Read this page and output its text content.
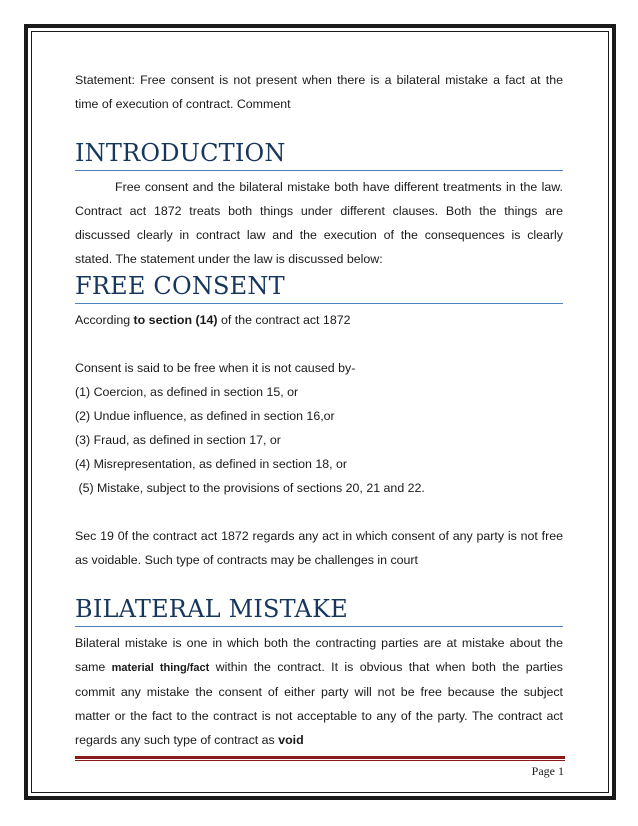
Statement: Free consent is not present when there is a bilateral mistake a fact at the time of execution of contract. Comment

INTRODUCTION

Free consent and the bilateral mistake both have different treatments in the law. Contract act 1872 treats both things under different clauses. Both the things are discussed clearly in contract law and the execution of the consequences is clearly stated. The statement under the law is discussed below:

FREE CONSENT

According to section (14) of the contract act 1872

Consent is said to be free when it is not caused by-

(1) Coercion, as defined in section 15, or

(2) Undue influence, as defined in section 16,or

(3) Fraud, as defined in section 17, or

(4) Misrepresentation, as defined in section 18, or

(5) Mistake, subject to the provisions of sections 20, 21 and 22.

Sec 19 0f the contract act 1872 regards any act in which consent of any party is not free as voidable. Such type of contracts may be challenges in court

BILATERAL MISTAKE

Bilateral mistake is one in which both the contracting parties are at mistake about the same material thing/fact within the contract. It is obvious that when both the parties commit any mistake the consent of either party will not be free because the subject matter or the fact to the contract is not acceptable to any of the party. The contract act regards any such type of contract as void

Page 1
